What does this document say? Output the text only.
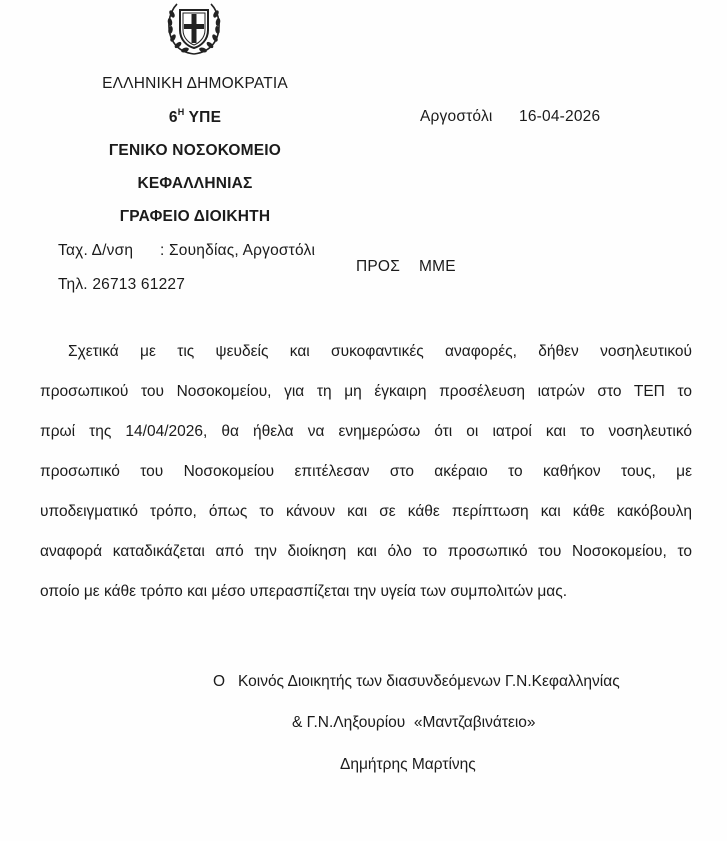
ΕΛΛΗΝΙΚΗ ΔΗΜΟΚΡΑΤΙΑ
$6^H$ ΥΠΕ
ΓΕΝΙΚΟ ΝΟΣΟΚΟΜΕΙΟ
ΚΕΦΑΛΛΗΝΙΑΣ
ΓΡΑΦΕΙΟ ΔΙΟΙΚΗΤΗ
Ταχ. Δ/νση : Σουηδίας, Αργοστόλι
Τηλ. 26713 61227
Αργοστόλι 16-04-2026
ΠΡΟΣ ΜΜΕ
Σχετικά με τις ψευδείς και συκοφαντικές αναφορές, δήθεν νοσηλευτικού
προσωπικού του Νοσοκομείου, για τη μη έγκαιρη προσέλευση ιατρών στο ΤΕΠ το
πρωί της 14/04/2026, θα ήθελα να ενημερώσω ότι οι ιατροί και το νοσηλευτικό
προσωπικό του Νοσοκομείου επιτέλεσαν στο ακέραιο το καθήκον τους, με
υποδειγματικό τρόπο, όπως το κάνουν και σε κάθε περίπτωση και κάθε κακόβουλη
αναφορά καταδικάζεται από την διοίκηση και όλο το προσωπικό του Νοσοκομείου, το
οποίο με κάθε τρόπο και μέσο υπερασπίζεται την υγεία των συμπολιτών μας.
Ο   Κοινός Διοικητής των διασυνδεόμενων Γ.Ν.Κεφαλληνίας
& Γ.Ν.Ληξουρίου  «Μαντζαβινάτειο»
Δημήτρης Μαρτίνης
